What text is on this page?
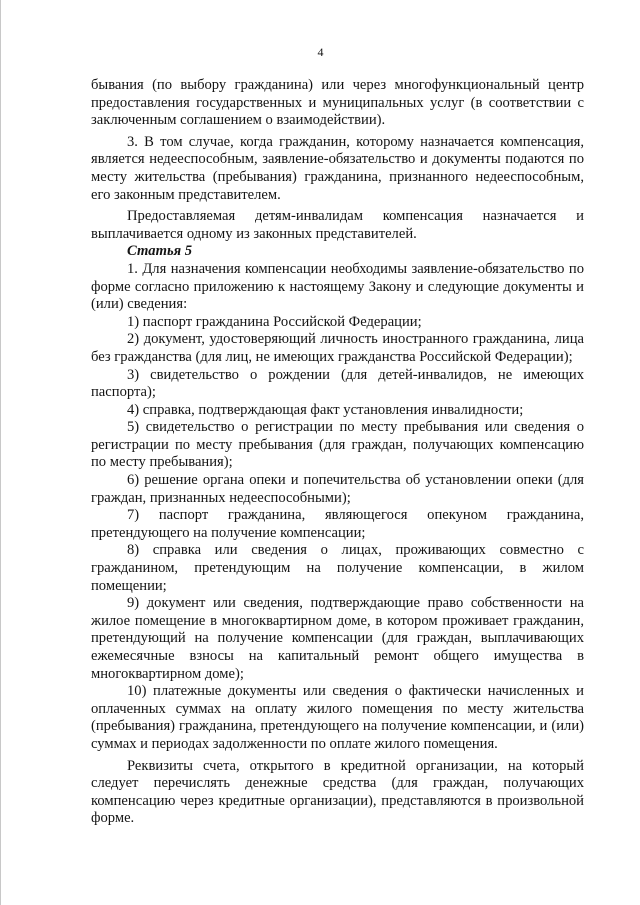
4

бывания (по выбору гражданина) или через многофункциональный центр предоставления государственных и муниципальных услуг (в соответствии с заключенным соглашением о взаимодействии).

3. В том случае, когда гражданин, которому назначается компенсация, является недееспособным, заявление-обязательство и документы подаются по месту жительства (пребывания) гражданина, признанного недееспособным, его законным представителем.

Предоставляемая детям-инвалидам компенсация назначается и выплачивается одному из законных представителей.

Статья 5

1. Для назначения компенсации необходимы заявление-обязательство по форме согласно приложению к настоящему Закону и следующие документы и (или) сведения:

1) паспорт гражданина Российской Федерации;

2) документ, удостоверяющий личность иностранного гражданина, лица без гражданства (для лиц, не имеющих гражданства Российской Федерации);

3) свидетельство о рождении (для детей-инвалидов, не имеющих паспорта);

4) справка, подтверждающая факт установления инвалидности;

5) свидетельство о регистрации по месту пребывания или сведения о регистрации по месту пребывания (для граждан, получающих компенсацию по месту пребывания);

6) решение органа опеки и попечительства об установлении опеки (для граждан, признанных недееспособными);

7) паспорт гражданина, являющегося опекуном гражданина, претендующего на получение компенсации;

8) справка или сведения о лицах, проживающих совместно с гражданином, претендующим на получение компенсации, в жилом помещении;

9) документ или сведения, подтверждающие право собственности на жилое помещение в многоквартирном доме, в котором проживает гражданин, претендующий на получение компенсации (для граждан, выплачивающих ежемесячные взносы на капитальный ремонт общего имущества в многоквартирном доме);

10) платежные документы или сведения о фактически начисленных и оплаченных суммах на оплату жилого помещения по месту жительства (пребывания) гражданина, претендующего на получение компенсации, и (или) суммах и периодах задолженности по оплате жилого помещения.

Реквизиты счета, открытого в кредитной организации, на который следует перечислять денежные средства (для граждан, получающих компенсацию через кредитные организации), представляются в произвольной форме.
